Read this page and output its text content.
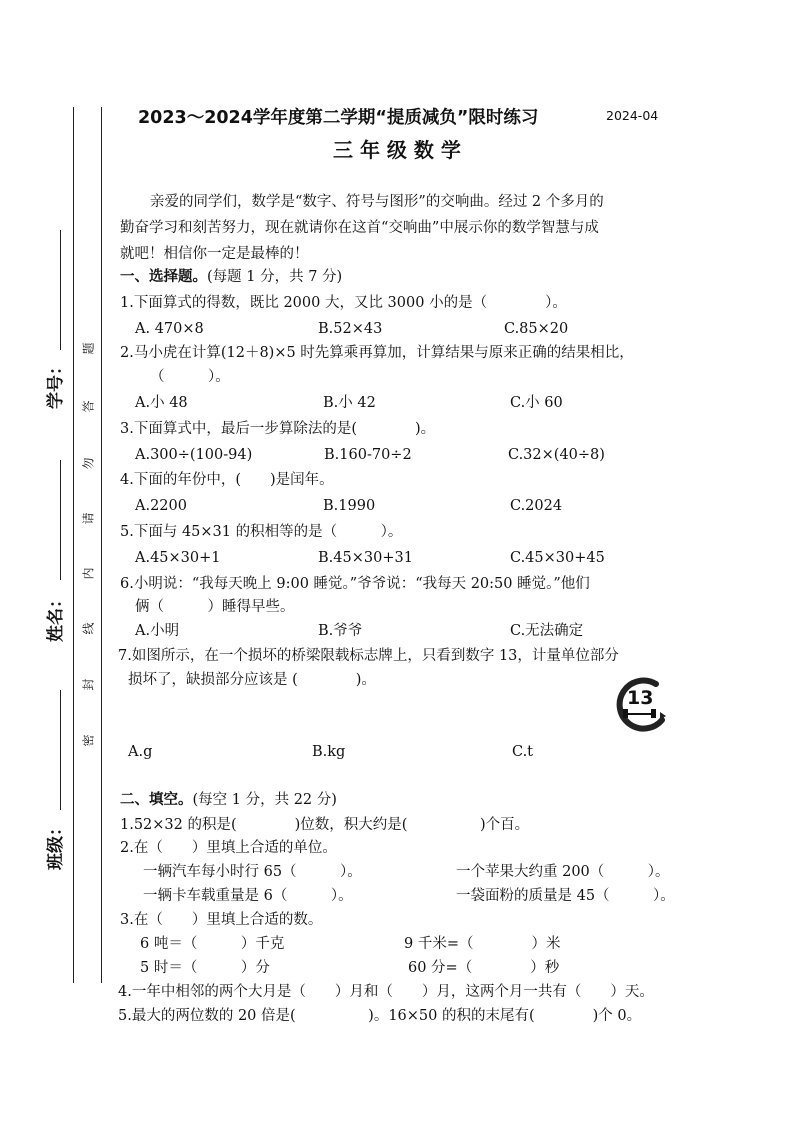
学号：
姓名：
班级：
题
答
勿
请
内
线
封
密
2023～2024学年度第二学期“提质减负”限时练习	2024-04
三 年 级 数 学
亲爱的同学们，数学是“数字、符号与图形”的交响曲。经过 2 个多月的
勤奋学习和刻苦努力，现在就请你在这首“交响曲”中展示你的数学智慧与成
就吧！相信你一定是最棒的！
一、选择题。(每题 1 分，共 7 分)
1.下面算式的得数，既比 2000 大，又比 3000 小的是（　　　　）。
A. 470×8	B.52×43	C.85×20
2.马小虎在计算(12＋8)×5 时先算乘再算加，计算结果与原来正确的结果相比，
（　　　）。
A.小 48	B.小 42	C.小 60
3.下面算式中，最后一步算除法的是(　　　　)。
A.300÷(100-94)	B.160-70÷2	C.32×(40÷8)
4.下面的年份中，(　　)是闰年。
A.2200	B.1990	C.2024
5.下面与 45×31 的积相等的是（　　　）。
A.45×30+1	B.45×30+31	C.45×30+45
6.小明说：“我每天晚上 9:00 睡觉。”爷爷说：“我每天 20:50 睡觉。”他们
俩（　　　）睡得早些。
A.小明	B.爷爷	C.无法确定
7.如图所示，在一个损坏的桥梁限载标志牌上，只看到数字 13，计量单位部分
损坏了，缺损部分应该是 (　　　　)。
13
A.g	B.kg	C.t
二、填空。(每空 1 分，共 22 分)
1.52×32 的积是(　　　　)位数，积大约是(　　　　　)个百。
2.在（　　）里填上合适的单位。
一辆汽车每小时行 65（　　　）。	一个苹果大约重 200（　　　）。
一辆卡车载重量是 6（　　　）。	一袋面粉的质量是 45（　　　）。
3.在（　　）里填上合适的数。
6 吨＝（　　　）千克	9 千米=（　　　　）米
5 时＝（　　　）分	60 分=（　　　　）秒
4.一年中相邻的两个大月是（　　）月和（　　）月，这两个月一共有（　　）天。
5.最大的两位数的 20 倍是(　　　　　)。16×50 的积的末尾有(　　　　)个 0。
